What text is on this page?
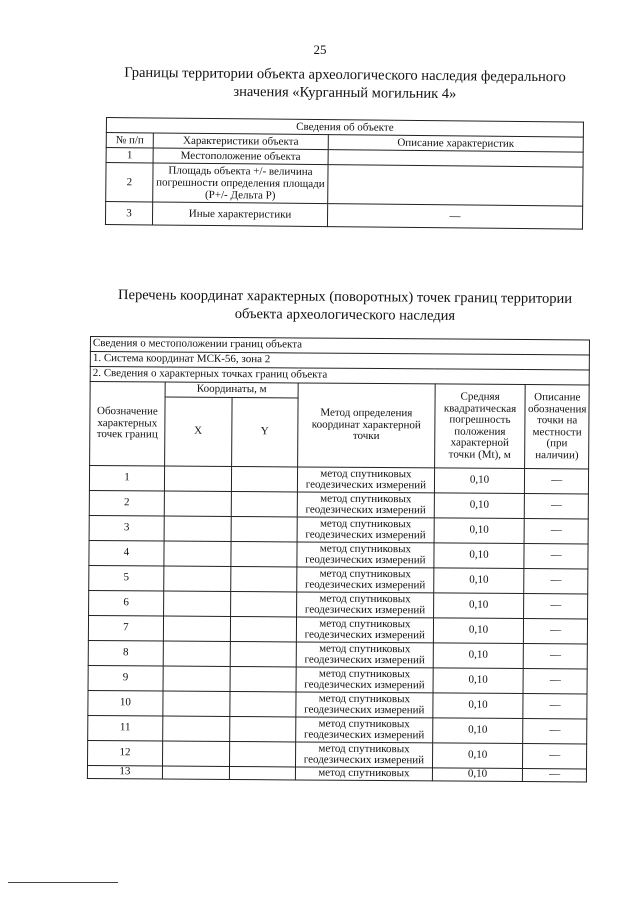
25
Границы территории объекта археологического наследия федерального значения «Курганный могильник 4»
Сведения об объекте		
№ п/п	Характеристики объекта	Описание характеристик
1	Местоположение объекта	
2	Площадь объекта +/- величина погрешности определения площади (Р+/- Дельта Р)	
3	Иные характеристики	—
Перечень координат характерных (поворотных) точек границ территории объекта археологического наследия
Сведения о местоположении границ объекта					
1. Система координат МСК-56, зона 2					
2. Сведения о характерных точках границ объекта					
Обозначение характерных точек границ	Координаты, м		Метод определения координат характерной точки	Средняя квадратическая погрешность положения характерной точки (Mt), м	Описание обозначения точки на местности (при наличии)
	X	Y			
1			метод спутниковых геодезических измерений	0,10	—
2			метод спутниковых геодезических измерений	0,10	—
3			метод спутниковых геодезических измерений	0,10	—
4			метод спутниковых геодезических измерений	0,10	—
5			метод спутниковых геодезических измерений	0,10	—
6			метод спутниковых геодезических измерений	0,10	—
7			метод спутниковых геодезических измерений	0,10	—
8			метод спутниковых геодезических измерений	0,10	—
9			метод спутниковых геодезических измерений	0,10	—
10			метод спутниковых геодезических измерений	0,10	—
11			метод спутниковых геодезических измерений	0,10	—
12			метод спутниковых геодезических измерений	0,10	—
13			метод спутниковых	0,10	—
